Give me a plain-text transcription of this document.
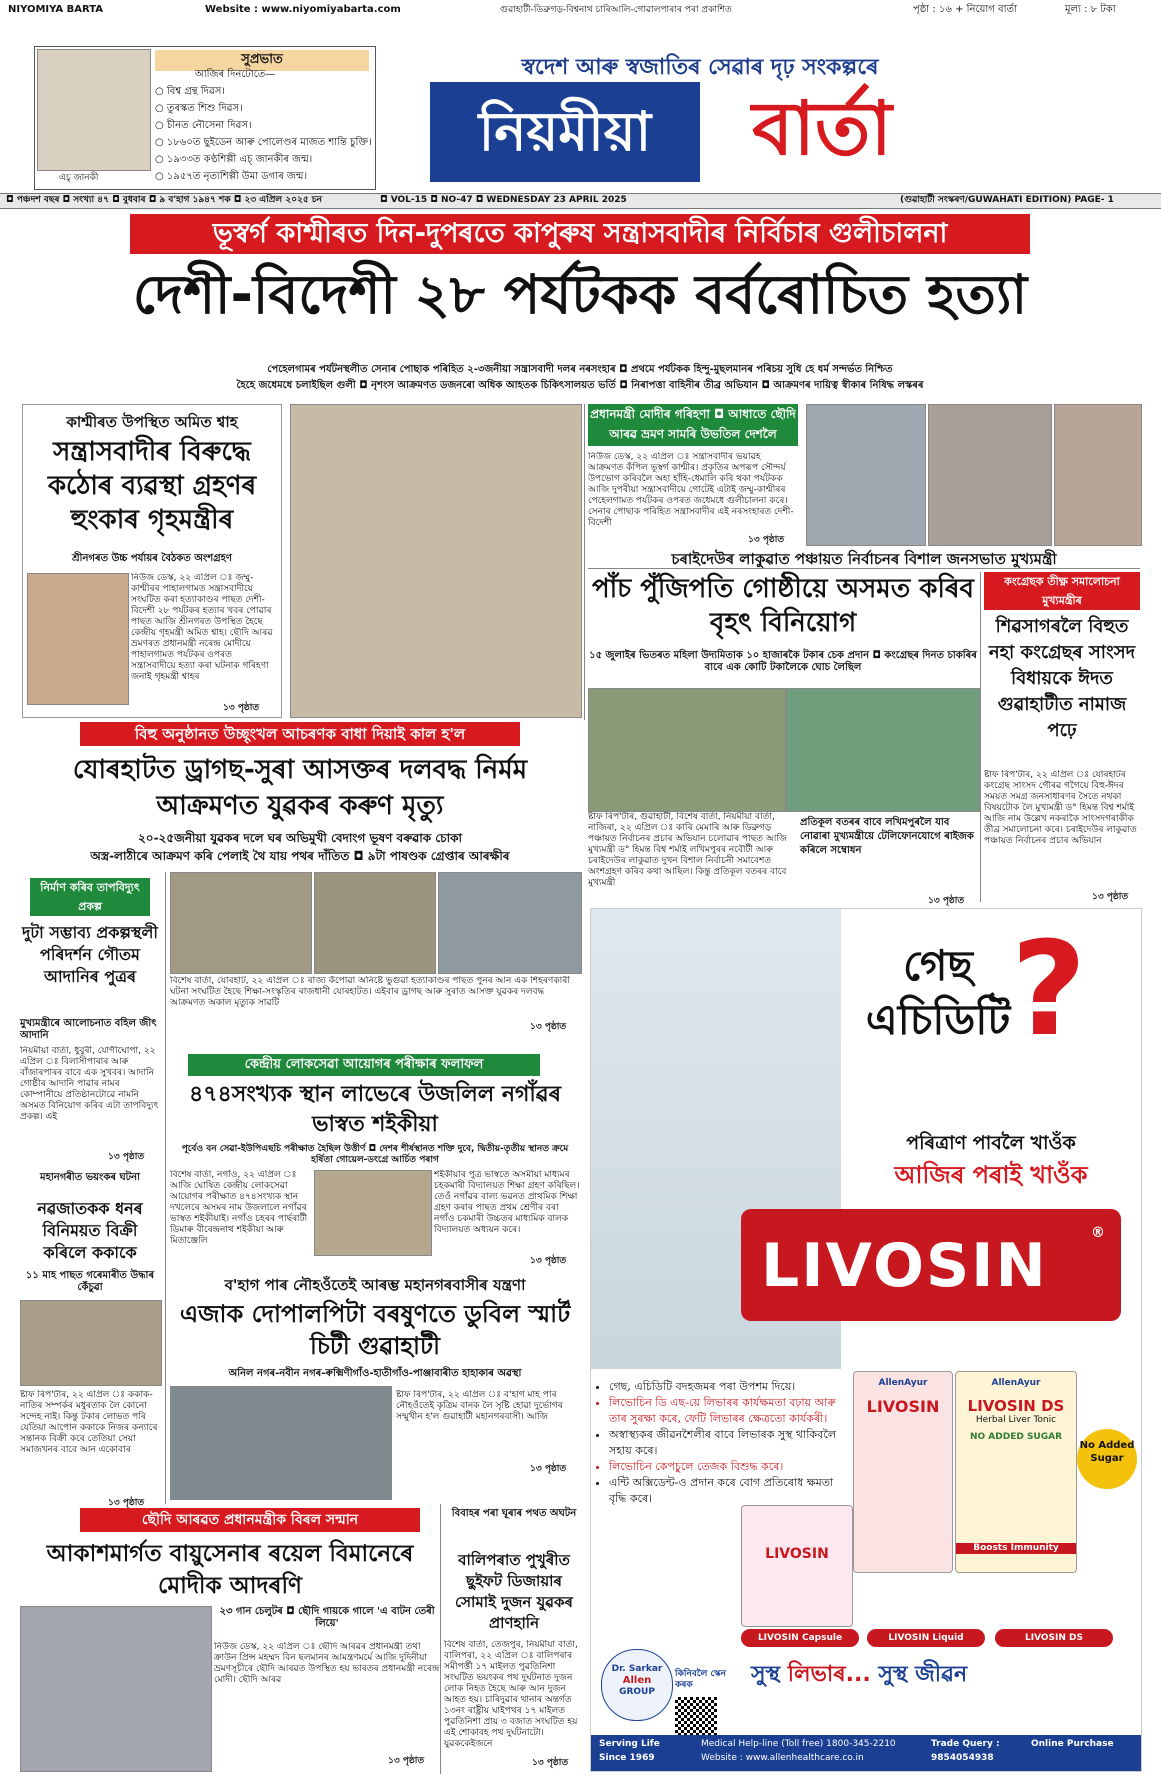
NIYOMIYA BARTA	Website : www.niyomiyabarta.com	গুৱাহাটী-ডিব্ৰুগড়-বিশ্বনাথ চাৰিআলি-গোৱালপাৰাৰ পৰা প্ৰকাশিত	পৃষ্ঠা : ১৬ + নিয়োগ বাৰ্তা	মূল্য : ৮ টকা
এচ্‌ জানকী
সুপ্ৰভাত
আজিৰ দিনটোতে—
○ বিশ্ব গ্ৰন্থ দিৱস।
○ তুৰস্কত শিশু দিৱস।
○ চীনত নৌসেনা দিৱস।
○ ১৮৬০ত ছুইডেন আৰু পোলেণ্ডৰ মাজত শান্তি চুক্তি।
○ ১৯৩৩ত কণ্ঠশিল্পী এচ্‌ জানকীৰ জন্ম।
○ ১৯৫৭ত নৃত্যশিল্পী উমা ডগাৰ জন্ম।
স্বদেশ আৰু স্বজাতিৰ সেৱাৰ দৃঢ় সংকল্পৰে
নিয়মীয়া	বাৰ্তা
◘ পঞ্চদশ বছৰ ◘ সংখ্যা ৪৭ ◘ বুধবাৰ ◘ ৯ ব'হাগ ১৯৪৭ শক ◘ ২৩ এপ্ৰিল ২০২৫ চন	◘ VOL-15 ◘ NO-47 ◘ WEDNESDAY 23 APRIL 2025	(গুৱাহাটী সংস্কৰণ/GUWAHATI EDITION) PAGE- 1
ভূস্বৰ্গ কাশ্মীৰত দিন-দুপৰতে কাপুৰুষ সন্ত্ৰাসবাদীৰ নিৰ্বিচাৰ গুলীচালনা
দেশী-বিদেশী ২৮ পৰ্যটকক বৰ্বৰোচিত হত্যা
পেহেলগামৰ পৰ্যটনস্থলীত সেনাৰ পোছাক পৰিহিত ২-৩জনীয়া সন্ত্ৰাসবাদী দলৰ নৰসংহাৰ ◘ প্ৰথমে পৰ্যটকক হিন্দু-মুছলমানৰ পৰিচয় সুধি হে ধৰ্ম সন্দৰ্ভত নিশ্চিত
হৈহে জধেমধে চলাইছিল গুলী ◘ নৃশংস আক্ৰমণত ডজনৰো অধিক আহতক চিকিৎসালয়ত ভৰ্তি ◘ নিৰাপত্তা বাহিনীৰ তীব্ৰ অভিযান ◘ আক্ৰমণৰ দায়িত্ব স্বীকাৰ নিষিদ্ধ লস্কৰৰ
কাশ্মীৰত উপস্থিত অমিত শ্বাহ
সন্ত্ৰাসবাদীৰ বিৰুদ্ধে কঠোৰ ব্যৱস্থা গ্ৰহণৰ হুংকাৰ গৃহমন্ত্ৰীৰ
শ্ৰীনগৰত উচ্চ পৰ্যায়ৰ বৈঠকত অংশগ্ৰহণ
নিউজ ডেস্ক, ২২ এপ্ৰিল ঃ জম্মু-কাশ্মীৰৰ পাহালগামত সন্ত্ৰাসবাদীয়ে সংঘটিত কৰা হত্যাকাণ্ডৰ পাছত দেশী-বিদেশী ২৮ পৰ্যটকৰ হত্যাৰ খবৰ পোৱাৰ পাছত আজি শ্ৰীনগৰত উপস্থিত হৈছে কেন্দ্ৰীয় গৃহমন্ত্ৰী অমিত শ্বাহ। ছৌদি আৰৱ ভ্ৰমণৰত প্ৰধানমন্ত্ৰী নৰেন্দ্ৰ মোদীয়ে পাহালগামত পৰ্যটকৰ ওপৰত সন্ত্ৰাসবাদীয়ে হত্যা কৰা ঘটনাক গৰিহণা জনাই গৃহমন্ত্ৰী শ্বাহৰ
১৩ পৃষ্ঠাত
প্ৰধানমন্ত্ৰী মোদীৰ গৰিহণা ◘ আধাতে ছৌদি আৰৱ ভ্ৰমণ সামৰি উভতিল দেশলৈ
নিউজ ডেস্ক, ২২ এপ্ৰিল ঃ সন্ত্ৰাসবাদীৰ ভয়াৱহ আক্ৰমণত কঁপিল ভূস্বৰ্গ কাশ্মীৰ। প্ৰকৃতিৰ অপৰূপ সৌন্দৰ্য উপভোগ কৰিবলৈ অহা হাঁহি-ধেমালি কৰি থকা পৰ্যটকক আজি দুপৰীয়া সন্ত্ৰাসবাদীয়ে গোটেই এটাই জম্মু-কাশ্মীৰৰ পেহেলগামত পৰ্যটকৰ ওপৰত জধেমধে গুলীচালনা কৰে। সেনাৰ পোছাক পৰিহিত সন্ত্ৰাসবাদীৰ এই নৰসংহাৰত দেশী-বিদেশী
১৩ পৃষ্ঠাত
চৰাইদেউৰ লাকুৱাত পঞ্চায়ত নিৰ্বাচনৰ বিশাল জনসভাত মুখ্যমন্ত্ৰী
পাঁচ পুঁজিপতি গোষ্ঠীয়ে অসমত কৰিব বৃহৎ বিনিয়োগ
১৫ জুলাইৰ ভিতৰত মহিলা উদ্যমিতাক ১০ হাজাৰকৈ টকাৰ চেক প্ৰদান ◘ কংগ্ৰেছৰ দিনত চাকৰিৰ বাবে এক কোটি টকালৈকে ঘোচ লৈছিল
ষ্টাফ ৰিপ'ৰ্টাৰ, গুৱাহাটী, বিশেষ বাৰ্তা, নিয়মীয়া বাৰ্তা, নাজিৰা, ২২ এপ্ৰিল ঃ কাৰি মেমাৰি আৰু ডিব্ৰুগড় পঞ্চায়ত নিৰ্বাচনৰ প্ৰচাৰ অভিযান চলোৱাৰ পাছত আজি মুখ্যমন্ত্ৰী ড° হিমন্ত বিশ্ব শৰ্মাই লখিমপুৰৰ নবৌটী আৰু চৰাইদেউৰ লাকুৱাত দুখন বিশাল নিৰ্বাচনী সমাবেশত অংশগ্ৰহণ কৰিব কথা আছিল। কিন্তু প্ৰতিকূল বতৰৰ বাবে মুখ্যমন্ত্ৰী
প্ৰতিকূল বতৰৰ বাবে লখিমপুৰলৈ যাব নোৱাৰা মুখ্যমন্ত্ৰীয়ে টেলিফোনযোগে ৰাইজক কৰিলে সম্বোধন
১৩ পৃষ্ঠাত
কংগ্ৰেছক তীক্ষ্ণ সমালোচনা মুখ্যমন্ত্ৰীৰ
শিৱসাগৰলৈ বিহুত নহা কংগ্ৰেছৰ সাংসদ বিধায়কে ঈদত গুৱাহাটীত নামাজ পঢ়ে
ষ্টাফ ৰিপ'ৰ্টাৰ, ২২ এপ্ৰিল ঃ যোৰহাটৰ কংগ্ৰেছ সাংসদ গৌৰৱ গগৈয়ে বিহু-ঈদৰ সময়ত সমগ্ৰ জনসাধাৰণৰ সৈতে নথকা বিষয়টোক লৈ মুখ্যমন্ত্ৰী ড° হিমন্ত বিশ্ব শৰ্মাই আজি নাম উল্লেখ নকৰাকৈ সাংসদগৰাকীক তীব্ৰ সমালোচনা কৰে। চৰাইদেউৰ লাকুৱাত পঞ্চায়ত নিৰ্বাচনৰ প্ৰচাৰ অভিযান
১৩ পৃষ্ঠাত
বিহু অনুষ্ঠানত উচ্ছৃংখল আচৰণক বাধা দিয়াই কাল হ'ল
যোৰহাটত ড্ৰাগছ-সুৰা আসক্তৰ দলবদ্ধ নিৰ্মম আক্ৰমণত যুৱকৰ কৰুণ মৃত্যু
২০-২৫জনীয়া যুৱকৰ দলে ঘৰ অভিমুখী বেদাংগ ভূষণ বৰুৱাক চোকা
অস্ত্ৰ-লাঠীৰে আক্ৰমণ কৰি পেলাই থৈ যায় পথৰ দাঁতিত ◘ ৯টা পাষণ্ডক গ্ৰেপ্তাৰ আৰক্ষীৰ
বিশেষ বাৰ্তা, যোৰহাট, ২২ এপ্ৰিল ঃ ৰাজ্য কঁপোৱা অনিষ্টে ভুগুৱা হত্যাকাণ্ডৰ পাছত পুনৰ আন এক শিহৰণকাৰী ঘটনা সংঘটিত হৈছে শিক্ষা-সংস্কৃতিৰ ৰাজধানী যোৰহাটত। এইবাৰ ড্ৰাগছ আৰু সুৰাত আসক্ত যুৱকৰ দলবদ্ধ আক্ৰমণত অকাল মৃত্যুক সাৱটি
১৩ পৃষ্ঠাত
নিৰ্মাণ কৰিব তাপবিদ্যুৎ প্ৰকল্প
দুটা সম্ভাব্য প্ৰকল্পস্থলী পৰিদৰ্শন গৌতম আদানিৰ পুত্ৰৰ
মুখ্যমন্ত্ৰীৰে আলোচনাত বহিল জীৎ আদানি
নিয়মীয়া বাৰ্তা, ধুবুৰী, যোগীঘোপা, ২২ এপ্ৰিল ঃ বিলাসীপাৰাৰ আৰু বাঁজাৰপাৰৰ বাবে এক সুখবৰ। আদানি গোষ্ঠীৰ আদানি পাৱাৰ নামৰ কোম্পানীয়ে প্ৰতিষ্ঠানটোৱে নামনি অসমত বিনিয়োগ কৰিব এটা তাপবিদ্যুৎ প্ৰকল্প। এই
১৩ পৃষ্ঠাত
মহানগৰীত ভয়ংকৰ ঘটনা
নৱজাতকক ধনৰ বিনিময়ত বিক্ৰী কৰিলে ককাকে
১১ মাহ পাছত গৰেমাৰীত উদ্ধাৰ কেঁচুৱা
ষ্টাফ ৰিপ'ৰ্টাৰ, ২২ এপ্ৰিল ঃ ককাক-নাতিৰ সম্পৰ্কৰ মধুৰতাক লৈ কোনো সন্দেহ নাই। কিন্তু টকাৰ লোভত পৰি যেতিয়া আপোন ককাকে নিজৰ কন্যাৰে সন্তানক বিক্ৰী কৰে তেতিয়া সেয়া সমাজখনৰ বাবে আন একোবাৰ
১৩ পৃষ্ঠাত
কেন্দ্ৰীয় লোকসেৱা আয়োগৰ পৰীক্ষাৰ ফলাফল
৪৭৪সংখ্যক স্থান লাভেৰে উজলিল নগাঁৱৰ ভাস্বত শইকীয়া
পূৰ্বেও বন সেৱা-ইউপিএছচি পৰীক্ষাত হৈছিল উত্তীৰ্ণ ◘ দেশৰ শীৰ্ষস্থানত শক্তি দুবে, দ্বিতীয়-তৃতীয় স্থানত ক্ৰমে হৰ্ষিতা গোয়েল-ডংগ্ৰে আৰ্চিত পৰাগ
বিশেষ বাৰ্তা, নগাঁও, ২২ এপ্ৰিল ঃ আজি ঘোষিত কেন্দ্ৰীয় লোকসেৱা আয়োগৰ পৰীক্ষাত ৪৭৪সংখ্যক স্থান দখলেৰে অসমৰ নাম উজলালে নগাঁৱৰ ভাস্বত শইকীয়াই। নগাঁও চহৰৰ পাৰ্ছৰাটী ডিমাৰু বীৰেন্দ্ৰনাথ শইকীয়া আৰু মিতাঞ্জেলি
শইকীয়াৰ পুত্ৰ ভাস্বতে অসমীয়া মাধ্যমৰ চহকমাৰী বিদ্যালয়ত শিক্ষা গ্ৰহণ কৰিছিল। তেওঁ নগাঁৱৰ বাল্য ভৱনত প্ৰাথমিক শিক্ষা গ্ৰহণ কৰাৰ পাছত প্ৰথম শ্ৰেণীৰ বৰা নগাঁও চকমাৰী উচ্চতৰ মাধ্যমিক বালক বিদ্যালয়ত অধ্যয়ন কৰে।
১৩ পৃষ্ঠাত
ব'হাগ পাৰ নৌহওঁতেই আৰম্ভ মহানগৰবাসীৰ যন্ত্ৰণা
এজাক দোপালপিটা বৰষুণতে ডুবিল স্মাৰ্ট চিটী গুৱাহাটী
অনিল নগৰ-নবীন নগৰ-ৰুক্মিণীগাঁও-হাতীগাঁও-পাঞ্জাবাৰীত হাহাকাৰ অৱস্থা
ষ্টাফ ৰিপ'ৰ্টাৰ, ২২ এপ্ৰিল ঃ ব'হাগ মাহ পাৰ নৌহওঁতেই কৃত্ৰিম বানক লৈ সৃষ্টি হোৱা দুৰ্ভোগৰ সন্মুখীন হ'ল গুৱাহাটী মহানগৰবাসী। আজি
১৩ পৃষ্ঠাত
ছৌদি আৰৱত প্ৰধানমন্ত্ৰীক বিৰল সন্মান
আকাশমাৰ্গত বায়ুসেনাৰ ৰয়েল বিমানেৰে মোদীক আদৰণি
২৩ গান চেলুটৰ ◘ ছৌদি গায়কে গালে 'এ বাটন তেৰী লিয়ে'
নিউজ ডেস্ক, ২২ এপ্ৰিল ঃ ছৌদি আৰৱৰ প্ৰধানমন্ত্ৰী তথা ক্ৰাউন প্ৰিন্স মহম্মদ বিন ছলমানৰ আমন্ত্ৰণমৰ্মে আজি দুদিনীয়া ভ্ৰমণসূচীৰে ছৌদি আৰৱত উপস্থিত হয় ভাৰতৰ প্ৰধানমন্ত্ৰী নৰেন্দ্ৰ মোদী। ছৌদি আৰৱ
১৩ পৃষ্ঠাত
বিবাহৰ পৰা ঘূৰাৰ পথত অঘটন
বালিপৰাত পুখুৰীত ছুইফট ডিজায়াৰ সোমাই দুজন যুৱকৰ প্ৰাণহানি
বিশেষ বাৰ্তা, তেজপুৰ, নিয়মীয়া বাৰ্তা, বালিপৰা, ২২ এপ্ৰিল ঃ বালিপৰাৰ সমীপৰ্ত্তী ১৭ মাইলত পুৱতিনিশা সংঘটিত ভয়ংকৰ পথ দুৰ্ঘটনাত দুজন লোক নিহত হৈছে আৰু আন দুজন আহত হয়। চাৰিদুৱাৰ থানাৰ অন্তৰ্গত ১৩নং ৰাষ্ট্ৰীয় ঘাইপথৰ ১৭ মাইলত পুৱতিনিশা প্ৰায় ৩ বজাত সংঘটিত হয় এই শোকাবহ পথ দুৰ্ঘটনাটো। যুৱককেইজনে
১৩ পৃষ্ঠাত
গেছ এচিডিটি ?
পৰিত্ৰাণ পাবলৈ খাওঁক
আজিৰ পৰাই খাওঁক
LIVOSIN	®
• গেছ, এচিডিটি বদহজমৰ পৰা উপশম দিয়ে।
• লিভোচিন ডি এছ-য়ে লিভাৰৰ কাৰ্যক্ষমতা বঢ়ায় আৰু তাৰ সুৰক্ষা কৰে, ফেটি লিভাৰৰ ক্ষেত্ৰতো কাৰ্যকৰী।
• অস্বাস্থ্যকৰ জীৱনশৈলীৰ বাবে লিভাৰক সুস্থ থাকিবলৈ সহায় কৰে।
• লিভোচিন কেপচুলে তেজক বিশুদ্ধ কৰে।
• এন্টি অক্সিডেন্ট-ও প্ৰদান কৰে বোগ প্ৰতিৰোধ ক্ষমতা বৃদ্ধি কৰে।
AllenAyur
LIVOSIN
AllenAyur
LIVOSIN DS
Herbal Liver Tonic
NO ADDED SUGAR
Boosts Immunity
No Added Sugar
LIVOSIN
LIVOSIN Capsule	LIVOSIN Liquid	LIVOSIN DS
Dr. Sarkar
Allen
GROUP
কিনিবলৈ স্কেন কৰক	সুস্থ লিভাৰ... সুস্থ জীৱন
Serving Life
Since 1969
Medical Help-line (Toll free) 1800-345-2210
Website : www.allenhealthcare.co.in
Trade Query :
9854054938
Online Purchase
